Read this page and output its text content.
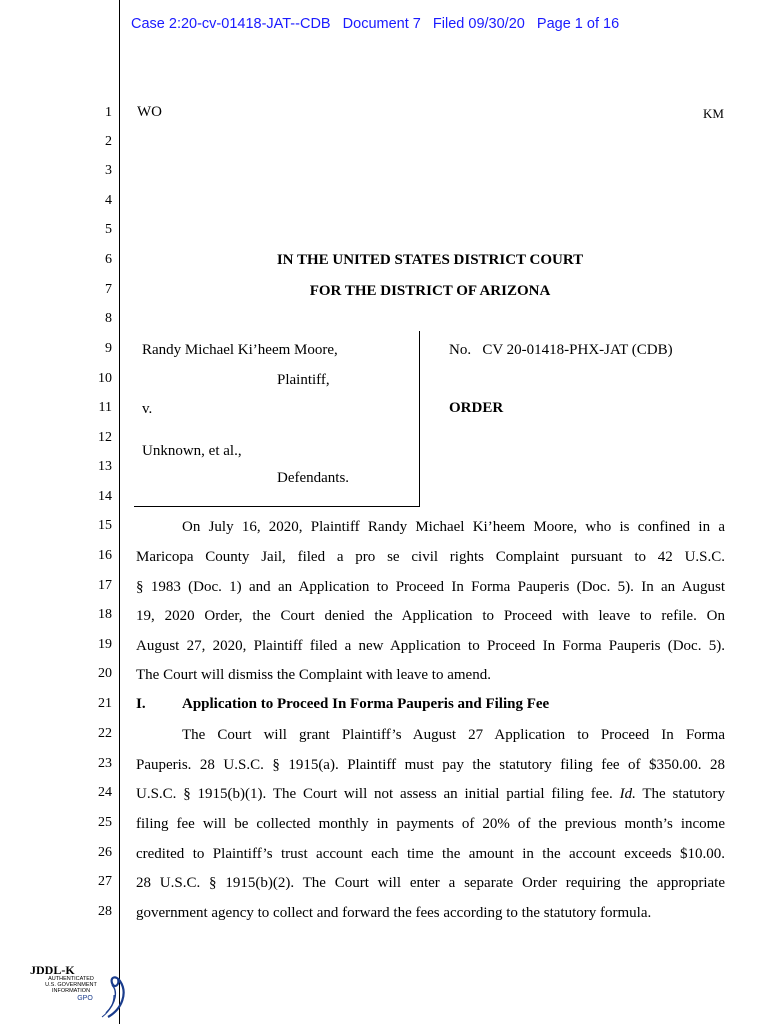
Case 2:20-cv-01418-JAT--CDB   Document 7   Filed 09/30/20   Page 1 of 16
1
2
3
4
5
6
7
8
9
10
11
12
13
14
15
16
17
18
19
20
21
22
23
24
25
26
27
28
WO	KM
IN THE UNITED STATES DISTRICT COURT
FOR THE DISTRICT OF ARIZONA
Randy Michael Ki’heem Moore,
Plaintiff,
v.
Unknown, et al.,
Defendants.
No.   CV 20-01418-PHX-JAT (CDB)
ORDER
On July 16, 2020, Plaintiff Randy Michael Ki’heem Moore, who is confined in a
Maricopa County Jail, filed a pro se civil rights Complaint pursuant to 42 U.S.C.
§ 1983 (Doc. 1) and an Application to Proceed In Forma Pauperis (Doc. 5). In an August
19, 2020 Order, the Court denied the Application to Proceed with leave to refile. On
August 27, 2020, Plaintiff filed a new Application to Proceed In Forma Pauperis (Doc. 5).
The Court will dismiss the Complaint with leave to amend.
I. Application to Proceed In Forma Pauperis and Filing Fee
The Court will grant Plaintiff’s August 27 Application to Proceed In Forma
Pauperis. 28 U.S.C. § 1915(a). Plaintiff must pay the statutory filing fee of $350.00. 28
U.S.C. § 1915(b)(1). The Court will not assess an initial partial filing fee. Id. The statutory
filing fee will be collected monthly in payments of 20% of the previous month’s income
credited to Plaintiff’s trust account each time the amount in the account exceeds $10.00.
28 U.S.C. § 1915(b)(2). The Court will enter a separate Order requiring the appropriate
government agency to collect and forward the fees according to the statutory formula.
JDDL-K
AUTHENTICATED
U.S. GOVERNMENT
INFORMATION
GPO
